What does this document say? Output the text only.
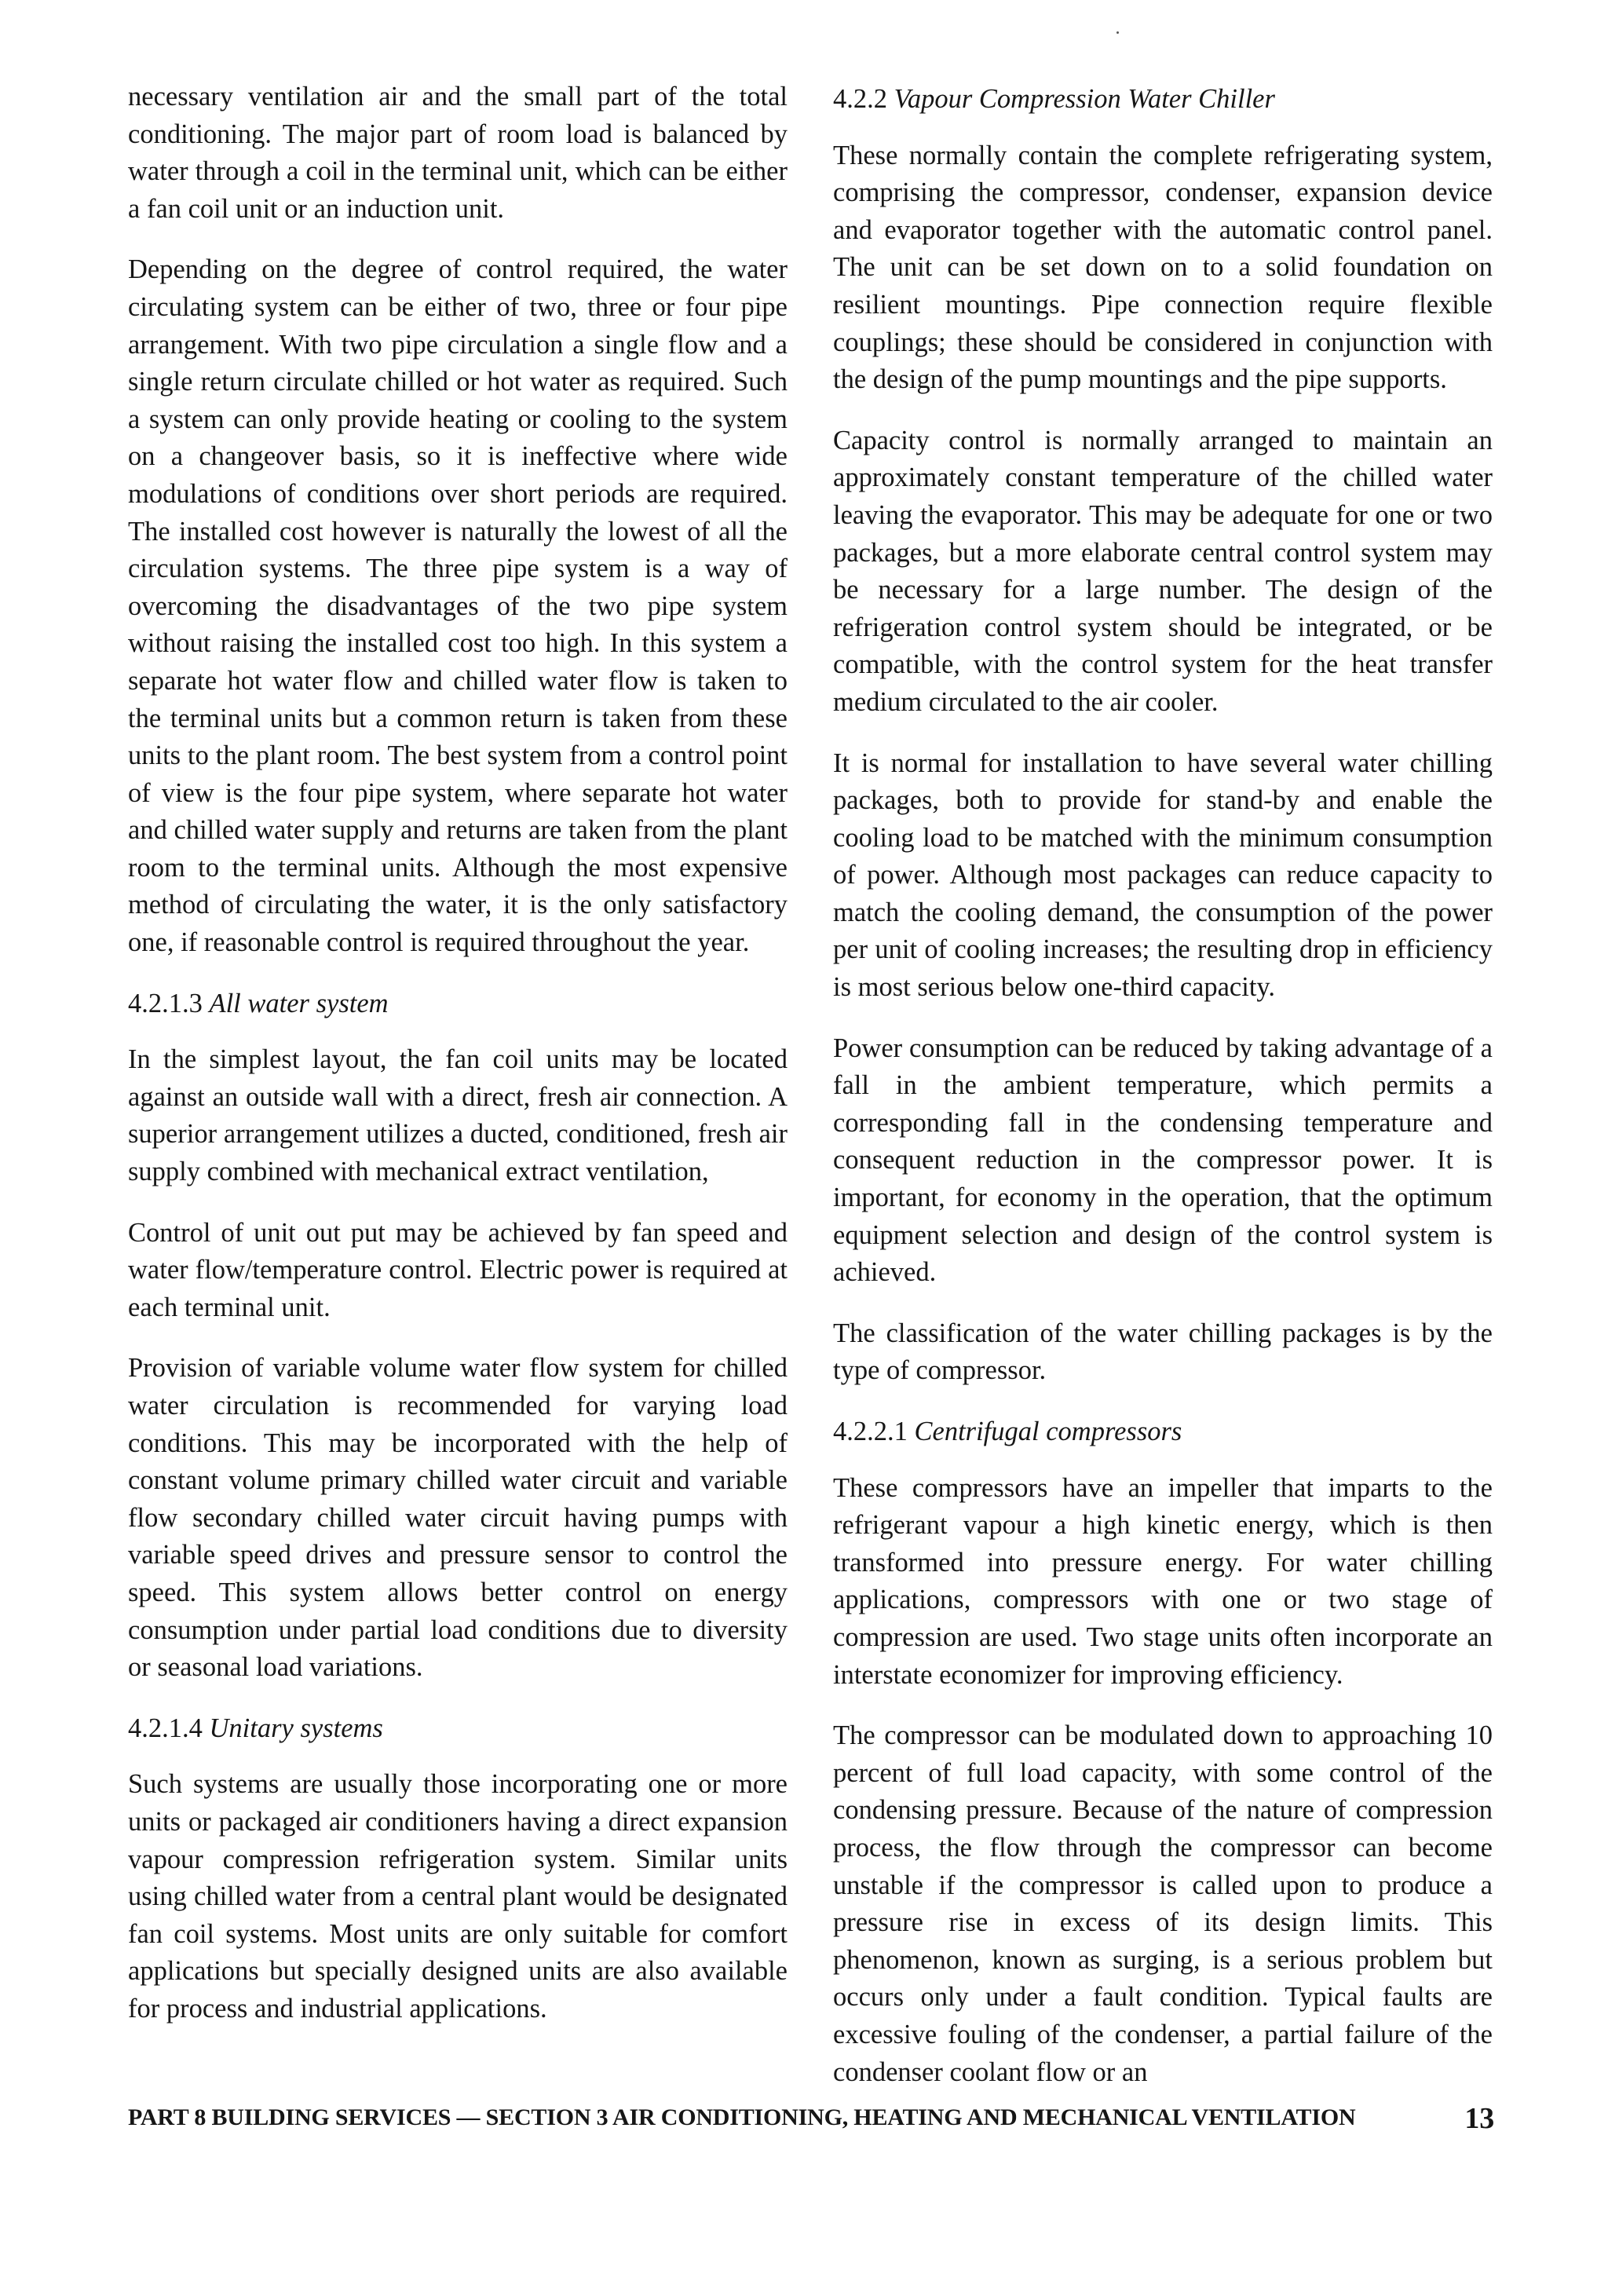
necessary ventilation air and the small part of the total conditioning. The major part of room load is balanced by water through a coil in the terminal unit, which can be either a fan coil unit or an induction unit.

Depending on the degree of control required, the water circulating system can be either of two, three or four pipe arrangement. With two pipe circulation a single flow and a single return circulate chilled or hot water as required. Such a system can only provide heating or cooling to the system on a changeover basis, so it is ineffective where wide modulations of conditions over short periods are required. The installed cost however is naturally the lowest of all the circulation systems. The three pipe system is a way of overcoming the disadvantages of the two pipe system without raising the installed cost too high. In this system a separate hot water flow and chilled water flow is taken to the terminal units but a common return is taken from these units to the plant room. The best system from a control point of view is the four pipe system, where separate hot water and chilled water supply and returns are taken from the plant room to the terminal units. Although the most expensive method of circulating the water, it is the only satisfactory one, if reasonable control is required throughout the year.

4.2.1.3 All water system

In the simplest layout, the fan coil units may be located against an outside wall with a direct, fresh air connection. A superior arrangement utilizes a ducted, conditioned, fresh air supply combined with mechanical extract ventilation,

Control of unit out put may be achieved by fan speed and water flow/temperature control. Electric power is required at each terminal unit.

Provision of variable volume water flow system for chilled water circulation is recommended for varying load conditions. This may be incorporated with the help of constant volume primary chilled water circuit and variable flow secondary chilled water circuit having pumps with variable speed drives and pressure sensor to control the speed. This system allows better control on energy consumption under partial load conditions due to diversity or seasonal load variations.

4.2.1.4 Unitary systems

Such systems are usually those incorporating one or more units or packaged air conditioners having a direct expansion vapour compression refrigeration system. Similar units using chilled water from a central plant would be designated fan coil systems. Most units are only suitable for comfort applications but specially designed units are also available for process and industrial applications.

4.2.2 Vapour Compression Water Chiller

These normally contain the complete refrigerating system, comprising the compressor, condenser, expansion device and evaporator together with the automatic control panel. The unit can be set down on to a solid foundation on resilient mountings. Pipe connection require flexible couplings; these should be considered in conjunction with the design of the pump mountings and the pipe supports.

Capacity control is normally arranged to maintain an approximately constant temperature of the chilled water leaving the evaporator. This may be adequate for one or two packages, but a more elaborate central control system may be necessary for a large number. The design of the refrigeration control system should be integrated, or be compatible, with the control system for the heat transfer medium circulated to the air cooler.

It is normal for installation to have several water chilling packages, both to provide for stand-by and enable the cooling load to be matched with the minimum consumption of power. Although most packages can reduce capacity to match the cooling demand, the consumption of the power per unit of cooling increases; the resulting drop in efficiency is most serious below one-third capacity.

Power consumption can be reduced by taking advantage of a fall in the ambient temperature, which permits a corresponding fall in the condensing temperature and consequent reduction in the compressor power. It is important, for economy in the operation, that the optimum equipment selection and design of the control system is achieved.

The classification of the water chilling packages is by the type of compressor.

4.2.2.1 Centrifugal compressors

These compressors have an impeller that imparts to the refrigerant vapour a high kinetic energy, which is then transformed into pressure energy. For water chilling applications, compressors with one or two stage of compression are used. Two stage units often incorporate an interstate economizer for improving efficiency.

The compressor can be modulated down to approaching 10 percent of full load capacity, with some control of the condensing pressure. Because of the nature of compression process, the flow through the compressor can become unstable if the compressor is called upon to produce a pressure rise in excess of its design limits. This phenomenon, known as surging, is a serious problem but occurs only under a fault condition. Typical faults are excessive fouling of the condenser, a partial failure of the condenser coolant flow or an

PART 8 BUILDING SERVICES — SECTION 3 AIR CONDITIONING, HEATING AND MECHANICAL VENTILATION	13
